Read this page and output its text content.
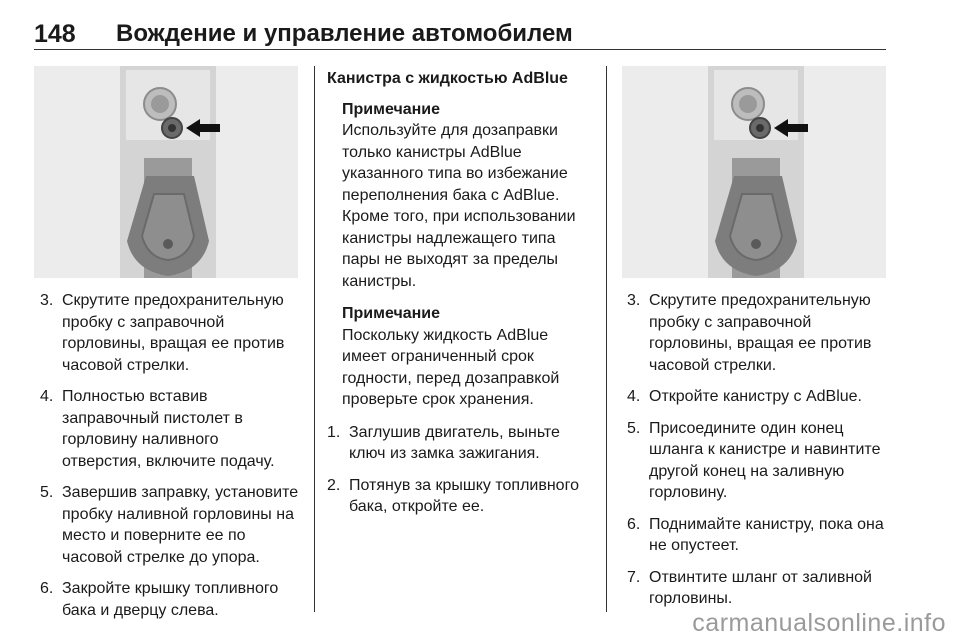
148 Вождение и управление автомобилем
3. Скрутите предохранительную пробку с заправочной горловины, вращая ее против часовой стрелки.
4. Полностью вставив заправочный пистолет в горловину наливного отверстия, включите подачу.
5. Завершив заправку, установите пробку наливной горловины на место и поверните ее по часовой стрелке до упора.
6. Закройте крышку топливного бака и дверцу слева.
Канистра с жидкостью AdBlue
Примечание
Используйте для дозаправки только канистры AdBlue указанного типа во избежание переполнения бака с AdBlue. Кроме того, при использовании канистры надлежащего типа пары не выходят за пределы канистры.
Примечание
Поскольку жидкость AdBlue имеет ограниченный срок годности, перед дозаправкой проверьте срок хранения.
1. Заглушив двигатель, выньте ключ из замка зажигания.
2. Потянув за крышку топливного бака, откройте ее.
3. Скрутите предохранительную пробку с заправочной горловины, вращая ее против часовой стрелки.
4. Откройте канистру с AdBlue.
5. Присоедините один конец шланга к канистре и навинтите другой конец на заливную горловину.
6. Поднимайте канистру, пока она не опустеет.
7. Отвинтите шланг от заливной горловины.
carmanualsonline.info
